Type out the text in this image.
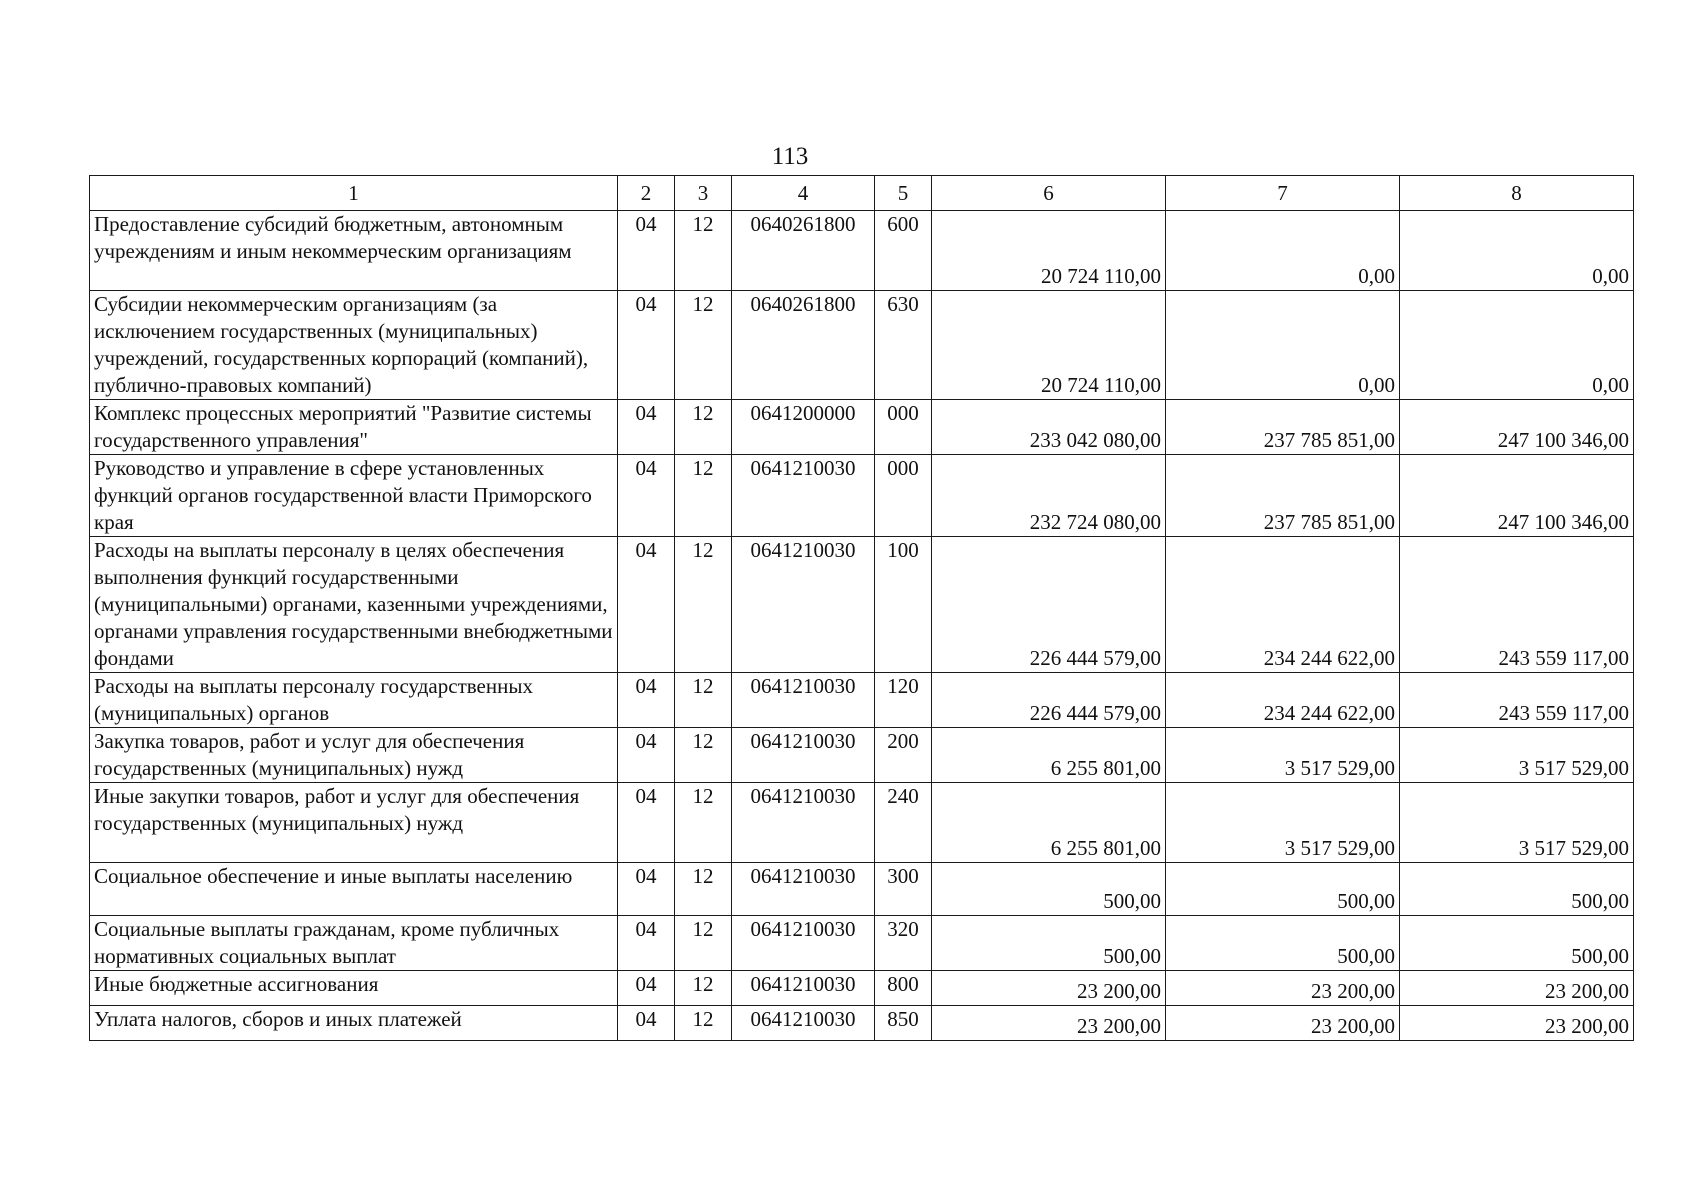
113
1	2	3	4	5	6	7	8
Предоставление субсидий бюджетным, автономным учреждениям и иным некоммерческим организациям	04	12	0640261800	600	20 724 110,00	0,00	0,00
Субсидии некоммерческим организациям (за исключением государственных (муниципальных) учреждений, государственных корпораций (компаний), публично-правовых компаний)	04	12	0640261800	630	20 724 110,00	0,00	0,00
Комплекс процессных мероприятий "Развитие системы государственного управления"	04	12	0641200000	000	233 042 080,00	237 785 851,00	247 100 346,00
Руководство и управление в сфере установленных функций органов государственной власти Приморского края	04	12	0641210030	000	232 724 080,00	237 785 851,00	247 100 346,00
Расходы на выплаты персоналу в целях обеспечения выполнения функций государственными (муниципальными) органами, казенными учреждениями, органами управления государственными внебюджетными фондами	04	12	0641210030	100	226 444 579,00	234 244 622,00	243 559 117,00
Расходы на выплаты персоналу государственных (муниципальных) органов	04	12	0641210030	120	226 444 579,00	234 244 622,00	243 559 117,00
Закупка товаров, работ и услуг для обеспечения государственных (муниципальных) нужд	04	12	0641210030	200	6 255 801,00	3 517 529,00	3 517 529,00
Иные закупки товаров, работ и услуг для обеспечения государственных (муниципальных) нужд	04	12	0641210030	240	6 255 801,00	3 517 529,00	3 517 529,00
Социальное обеспечение и иные выплаты населению	04	12	0641210030	300	500,00	500,00	500,00
Социальные выплаты гражданам, кроме публичных нормативных социальных выплат	04	12	0641210030	320	500,00	500,00	500,00
Иные бюджетные ассигнования	04	12	0641210030	800	23 200,00	23 200,00	23 200,00
Уплата налогов, сборов и иных платежей	04	12	0641210030	850	23 200,00	23 200,00	23 200,00
